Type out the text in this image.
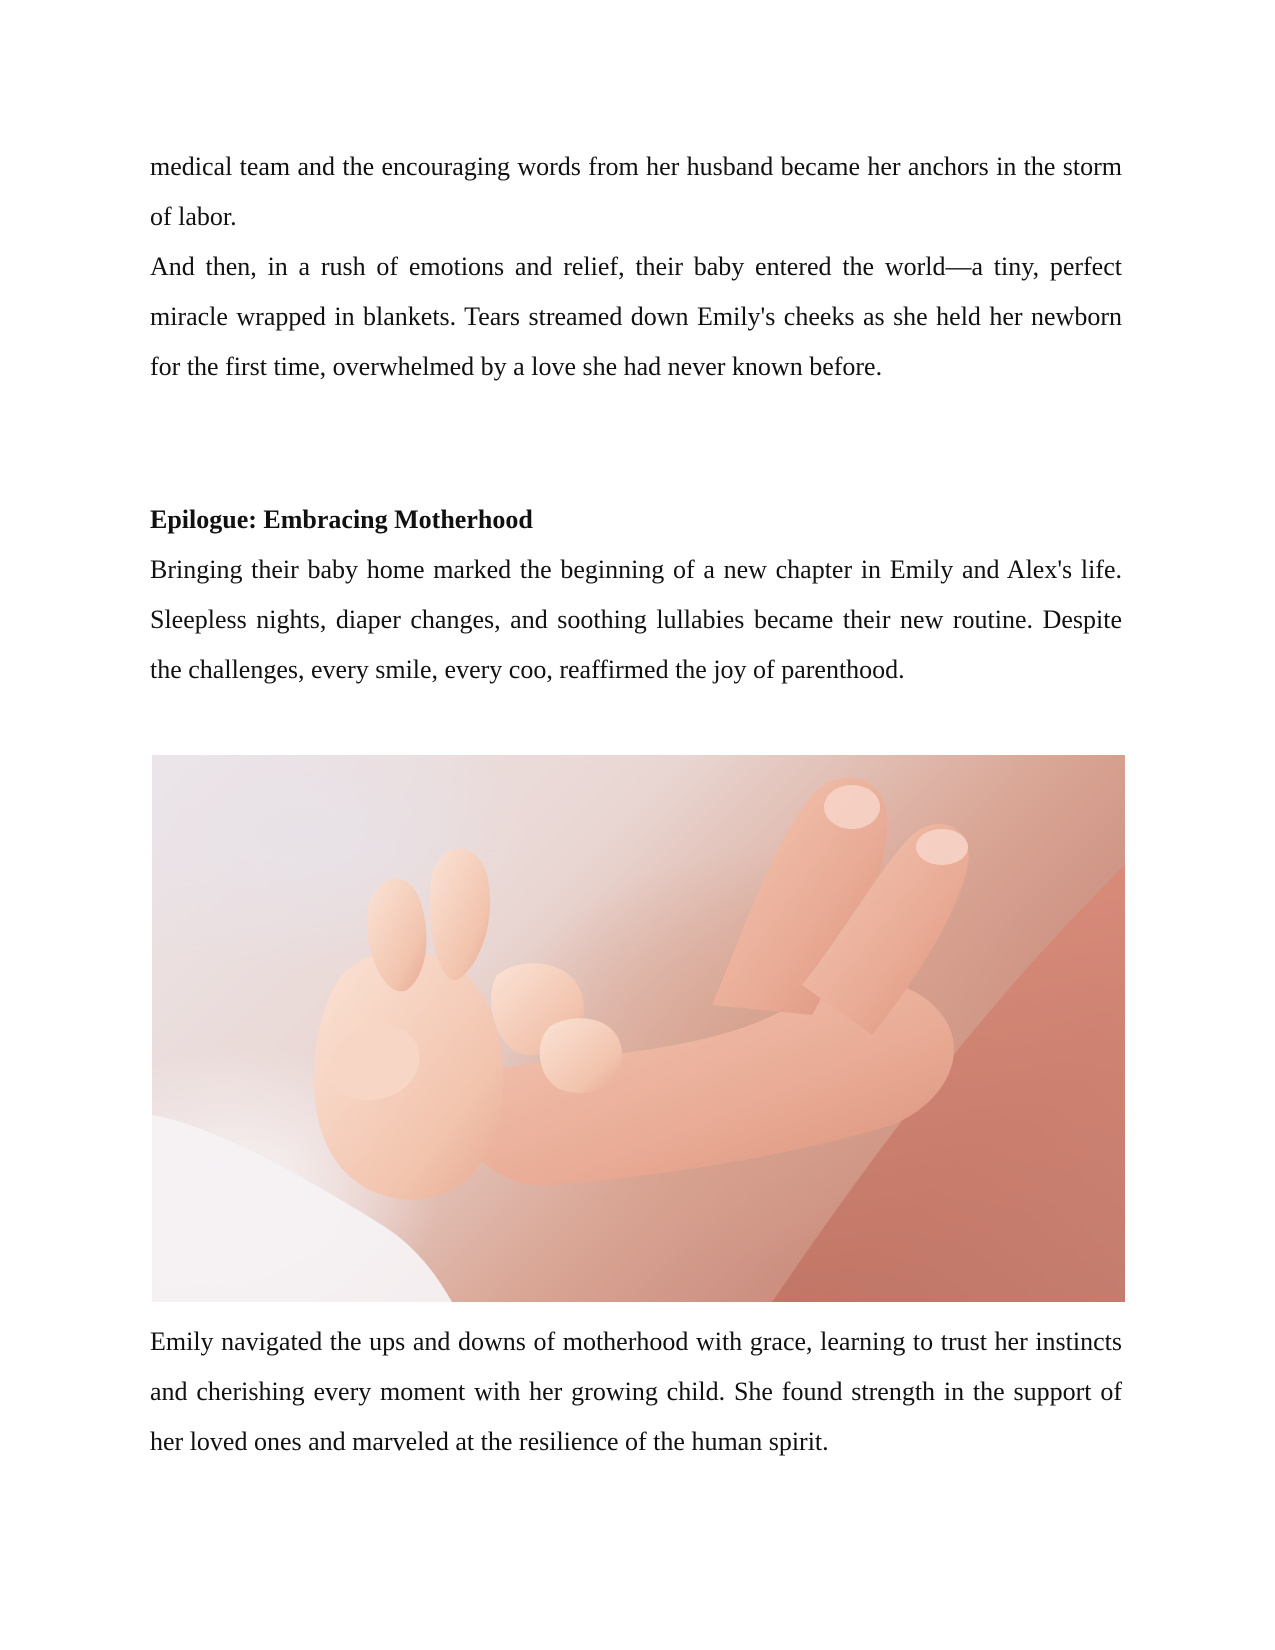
medical team and the encouraging words from her husband became her anchors in the storm of labor.

And then, in a rush of emotions and relief, their baby entered the world—a tiny, perfect miracle wrapped in blankets. Tears streamed down Emily's cheeks as she held her newborn for the first time, overwhelmed by a love she had never known before.

Epilogue: Embracing Motherhood

Bringing their baby home marked the beginning of a new chapter in Emily and Alex's life. Sleepless nights, diaper changes, and soothing lullabies became their new routine. Despite the challenges, every smile, every coo, reaffirmed the joy of parenthood.

Emily navigated the ups and downs of motherhood with grace, learning to trust her instincts and cherishing every moment with her growing child. She found strength in the support of her loved ones and marveled at the resilience of the human spirit.
